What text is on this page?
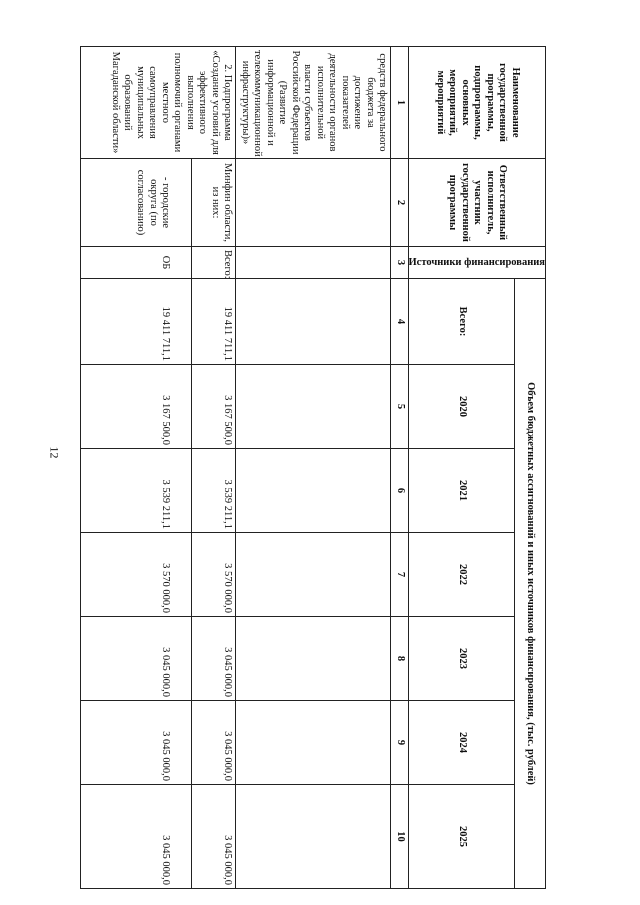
12
Наименование государственной программы, подпрограммы, основных мероприятий, мероприятий	Ответственный исполнитель, участник государственной программы	Источники финансирования	Объем бюджетных ассигнований и иных источников финансирования, (тыс. рублей)						
			Всего:	2020	2021	2022	2023	2024	2025
1	2	3	4	5	6	7	8	9	10
средств федерального бюджета за достижение показателей деятельности органов исполнительной власти субъектов Российской Федерации (Развитие информационной и телекоммуникационной инфраструктуры)»									
2. Подпрограмма «Создание условий для эффективного выполнения полномочий органами местного самоуправления муниципальных образований Магаданской области»	Минфин области, из них:	Всего:	19 411 711,1	3 167 500,0	3 539 211,1	3 570 000,0	3 045 000,0	3 045 000,0	3 045 000,0
	- городские округа (по согласованию)	ОБ	19 411 711,1	3 167 500,0	3 539 211,1	3 570 000,0	3 045 000,0	3 045 000,0	3 045 000,0
